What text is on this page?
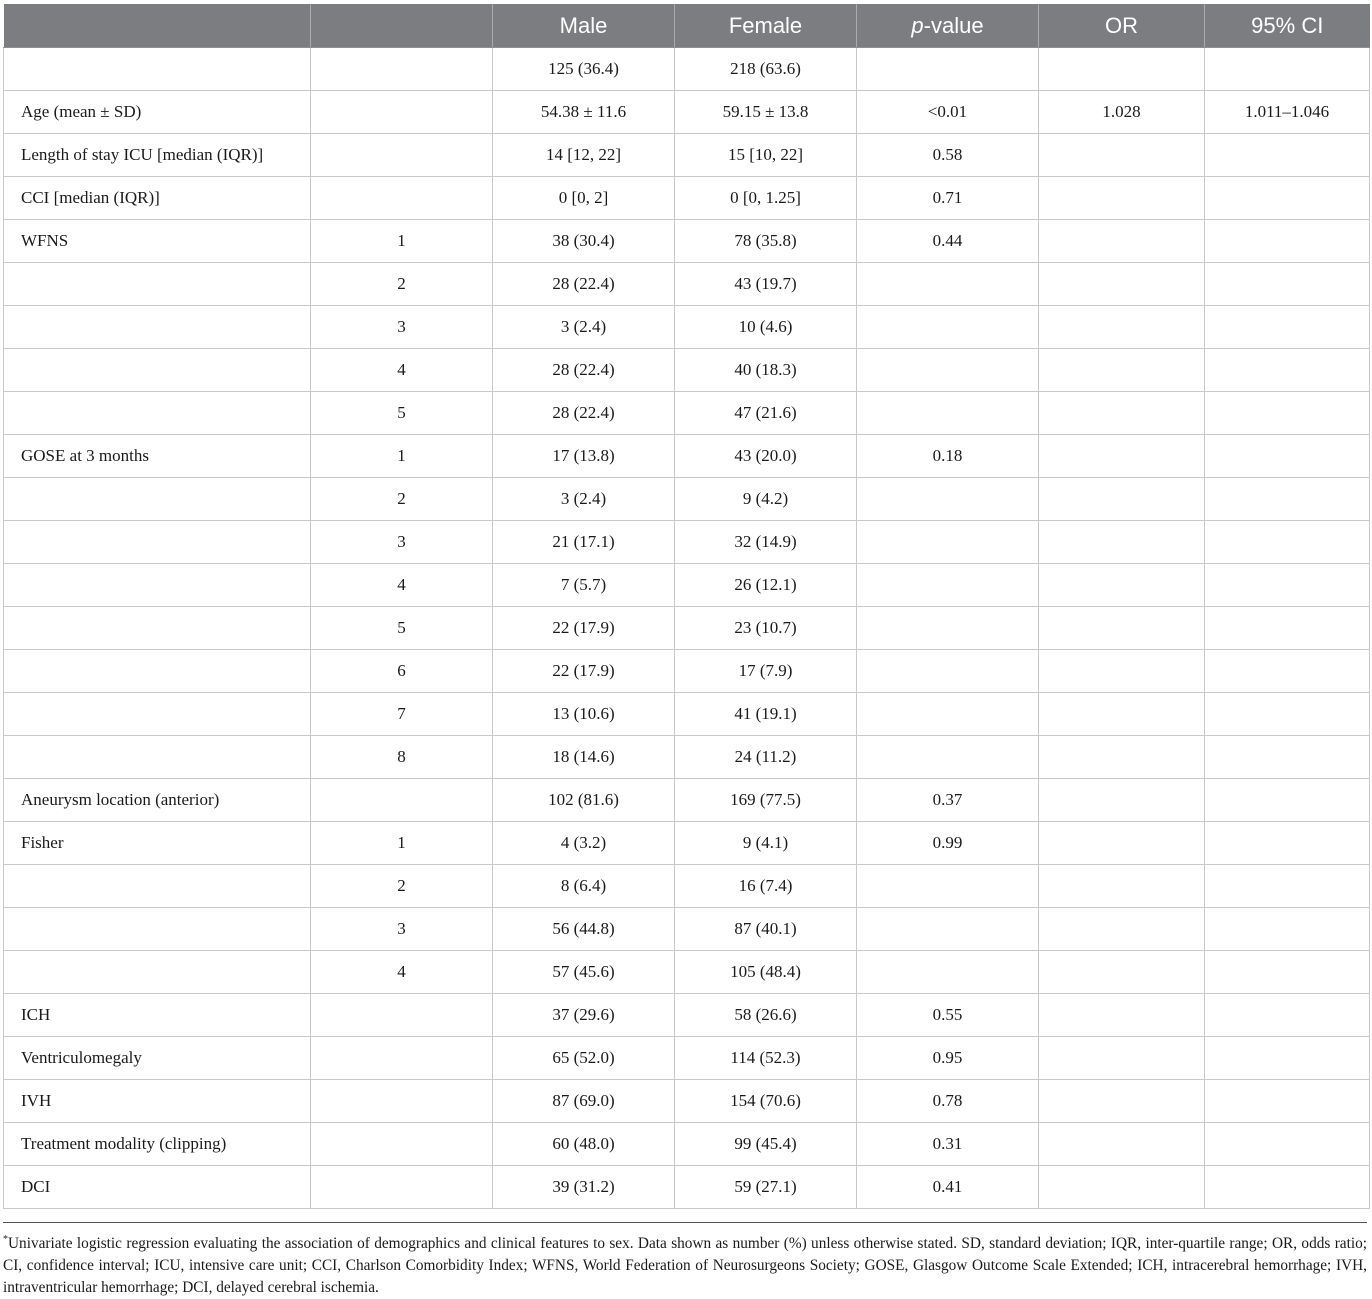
		Male	Female	p-value	OR	95% CI
		125 (36.4)	218 (63.6)			
Age (mean ± SD)		54.38 ± 11.6	59.15 ± 13.8	<0.01	1.028	1.011–1.046
Length of stay ICU [median (IQR)]		14 [12, 22]	15 [10, 22]	0.58		
CCI [median (IQR)]		0 [0, 2]	0 [0, 1.25]	0.71		
WFNS	1	38 (30.4)	78 (35.8)	0.44		
	2	28 (22.4)	43 (19.7)			
	3	3 (2.4)	10 (4.6)			
	4	28 (22.4)	40 (18.3)			
	5	28 (22.4)	47 (21.6)			
GOSE at 3 months	1	17 (13.8)	43 (20.0)	0.18		
	2	3 (2.4)	9 (4.2)			
	3	21 (17.1)	32 (14.9)			
	4	7 (5.7)	26 (12.1)			
	5	22 (17.9)	23 (10.7)			
	6	22 (17.9)	17 (7.9)			
	7	13 (10.6)	41 (19.1)			
	8	18 (14.6)	24 (11.2)			
Aneurysm location (anterior)		102 (81.6)	169 (77.5)	0.37		
Fisher	1	4 (3.2)	9 (4.1)	0.99		
	2	8 (6.4)	16 (7.4)			
	3	56 (44.8)	87 (40.1)			
	4	57 (45.6)	105 (48.4)			
ICH		37 (29.6)	58 (26.6)	0.55		
Ventriculomegaly		65 (52.0)	114 (52.3)	0.95		
IVH		87 (69.0)	154 (70.6)	0.78		
Treatment modality (clipping)		60 (48.0)	99 (45.4)	0.31		
DCI		39 (31.2)	59 (27.1)	0.41		
*Univariate logistic regression evaluating the association of demographics and clinical features to sex. Data shown as number (%) unless otherwise stated. SD, standard deviation; IQR, inter-quartile range; OR, odds ratio; CI, confidence interval; ICU, intensive care unit; CCI, Charlson Comorbidity Index; WFNS, World Federation of Neurosurgeons Society; GOSE, Glasgow Outcome Scale Extended; ICH, intracerebral hemorrhage; IVH, intraventricular hemorrhage; DCI, delayed cerebral ischemia.
